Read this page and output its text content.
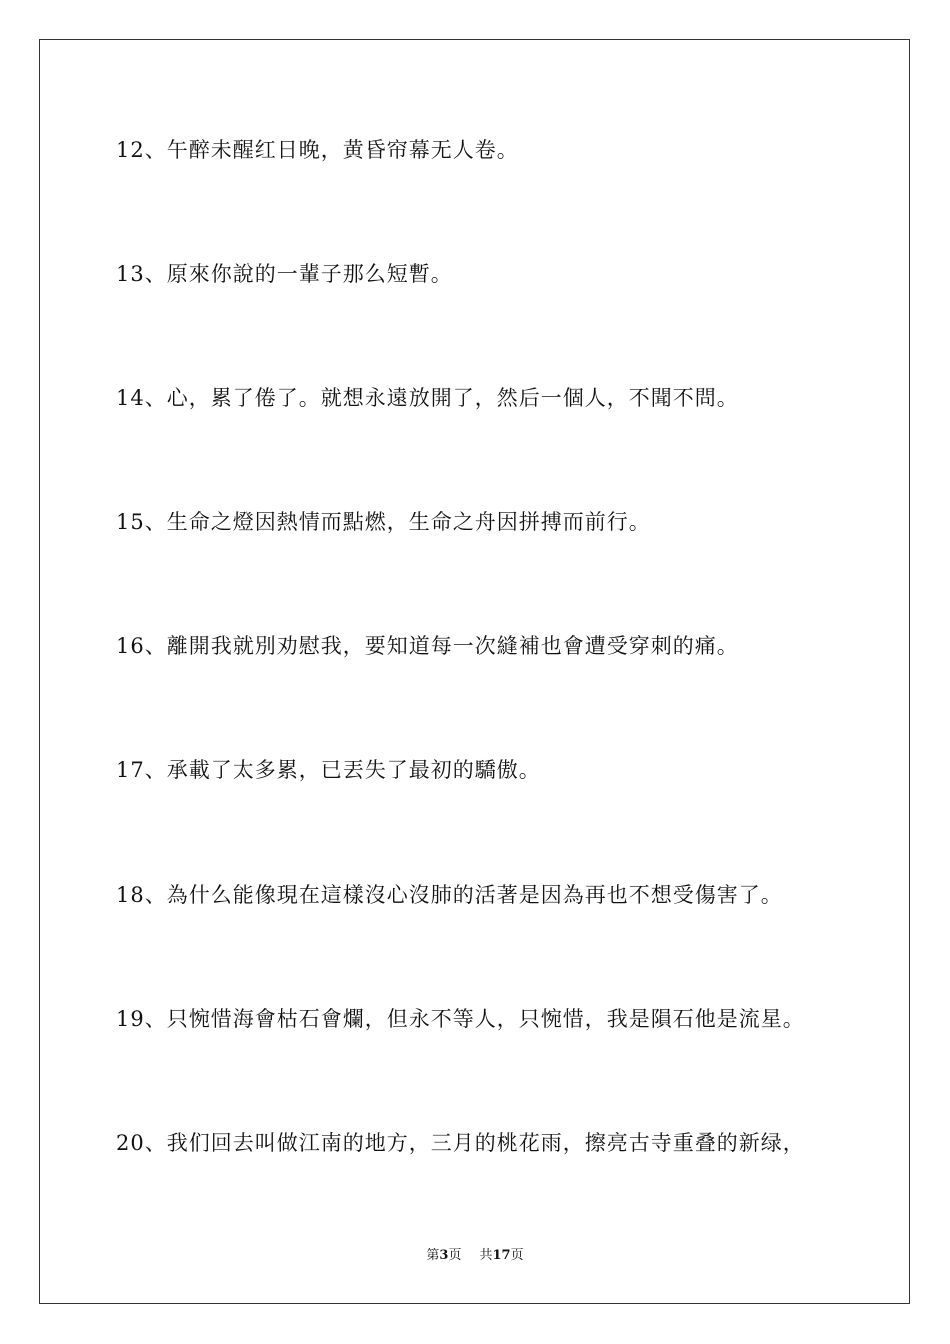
12、午醉未醒红日晚，黄昏帘幕无人卷。
13、原來你說的一輩子那么短暫。
14、心，累了倦了。就想永遠放開了，然后一個人，不聞不問。
15、生命之燈因熱情而點燃，生命之舟因拼搏而前行。
16、離開我就別劝慰我，要知道每一次縫補也會遭受穿刺的痛。
17、承載了太多累，已丟失了最初的驕傲。
18、為什么能像現在這樣沒心沒肺的活著是因為再也不想受傷害了。
19、只惋惜海會枯石會爛，但永不等人，只惋惜，我是隕石他是流星。
20、我们回去叫做江南的地方，三月的桃花雨，擦亮古寺重叠的新绿，
第3页 共17页
